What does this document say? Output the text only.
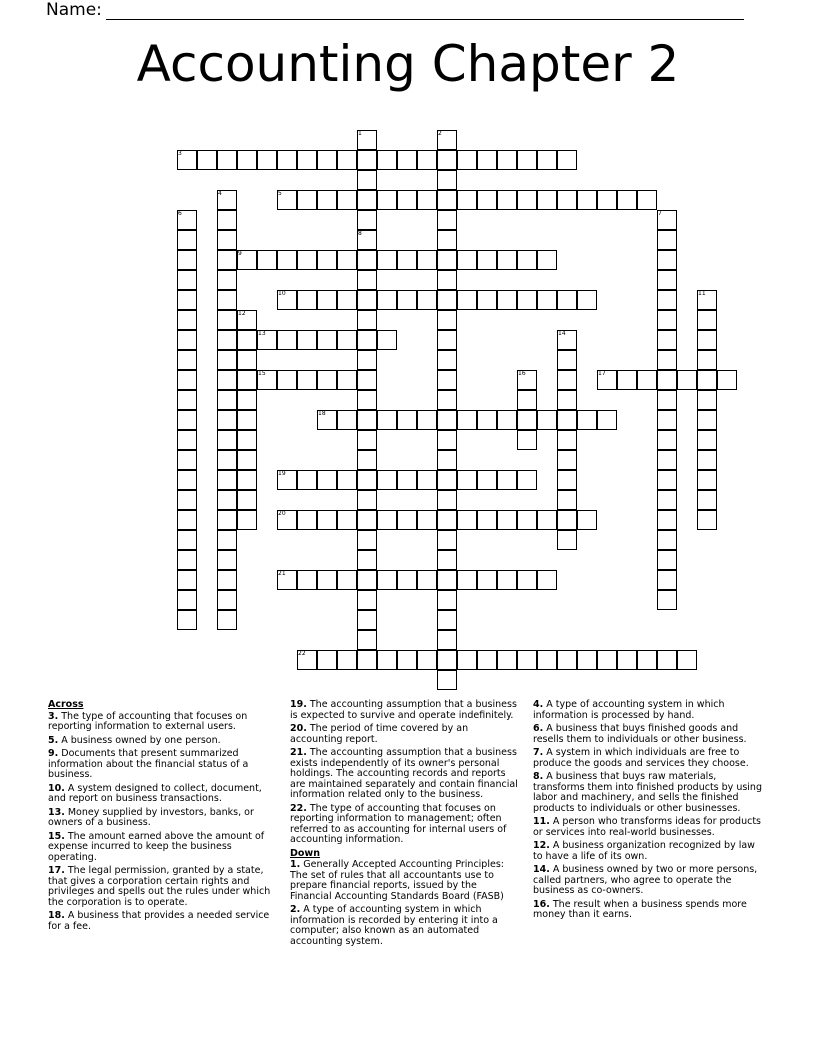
Name:
Accounting Chapter 2
1	2
3
4	5
6	7
8
9
10	11
12
13	14
15	16	17
18
19
20
21
22
Across
3. The type of accounting that focuses on reporting information to external users.
5. A business owned by one person.
9. Documents that present summarized information about the financial status of a business.
10. A system designed to collect, document, and report on business transactions.
13. Money supplied by investors, banks, or owners of a business.
15. The amount earned above the amount of expense incurred to keep the business operating.
17. The legal permission, granted by a state, that gives a corporation certain rights and privileges and spells out the rules under which the corporation is to operate.
18. A business that provides a needed service for a fee.
19. The accounting assumption that a business is expected to survive and operate indefinitely.
20. The period of time covered by an accounting report.
21. The accounting assumption that a business exists independently of its owner's personal holdings. The accounting records and reports are maintained separately and contain financial information related only to the business.
22. The type of accounting that focuses on reporting information to management; often referred to as accounting for internal users of accounting information.
Down
1. Generally Accepted Accounting Principles: The set of rules that all accountants use to prepare financial reports, issued by the Financial Accounting Standards Board (FASB)
2. A type of accounting system in which information is recorded by entering it into a computer; also known as an automated accounting system.
4. A type of accounting system in which information is processed by hand.
6. A business that buys finished goods and resells them to individuals or other business.
7. A system in which individuals are free to produce the goods and services they choose.
8. A business that buys raw materials, transforms them into finished products by using labor and machinery, and sells the finished products to individuals or other businesses.
11. A person who transforms ideas for products or services into real-world businesses.
12. A business organization recognized by law to have a life of its own.
14. A business owned by two or more persons, called partners, who agree to operate the business as co-owners.
16. The result when a business spends more money than it earns.
